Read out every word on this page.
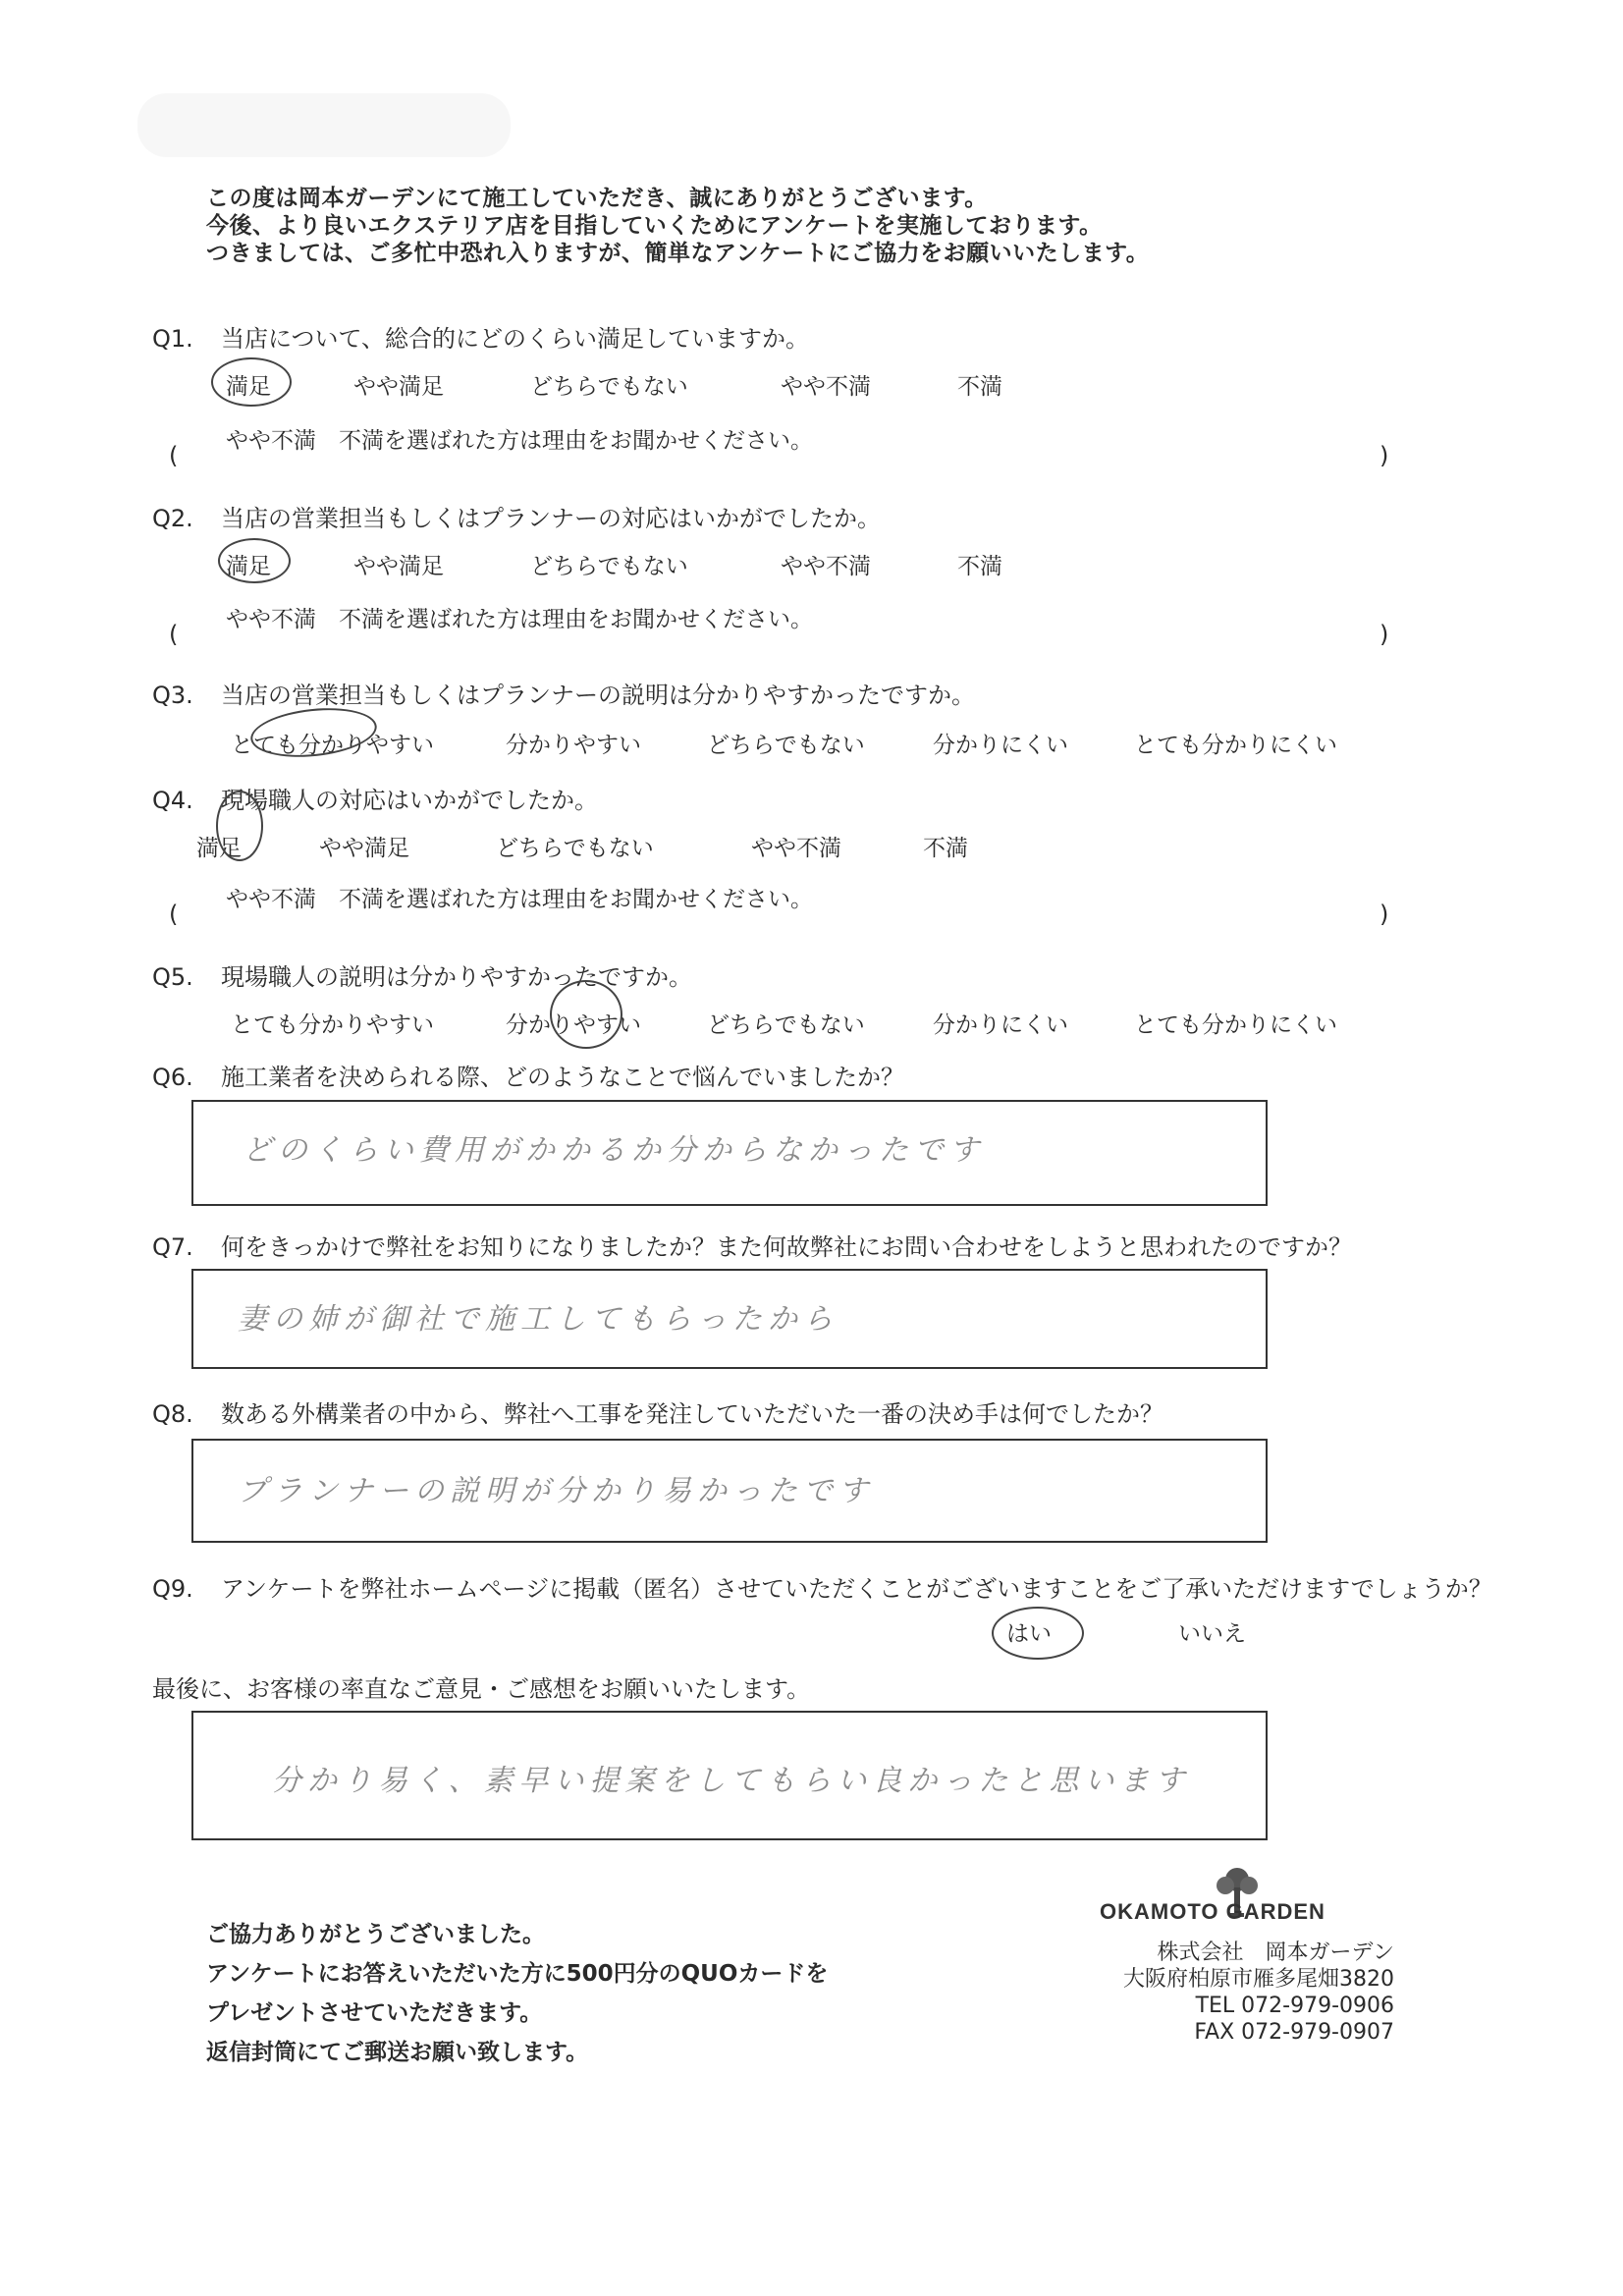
この度は岡本ガーデンにて施工していただき、誠にありがとうございます。
今後、より良いエクステリア店を目指していくためにアンケートを実施しております。
つきましては、ご多忙中恐れ入りますが、簡単なアンケートにご協力をお願いいたします。
Q1. 当店について、総合的にどのくらい満足していますか。
満足	やや満足	どちらでもない	やや不満	不満
やや不満　不満を選ばれた方は理由をお聞かせください。
(	)
Q2. 当店の営業担当もしくはプランナーの対応はいかがでしたか。
満足	やや満足	どちらでもない	やや不満	不満
やや不満　不満を選ばれた方は理由をお聞かせください。
(	)
Q3. 当店の営業担当もしくはプランナーの説明は分かりやすかったですか。
とても分かりやすい	分かりやすい	どちらでもない	分かりにくい	とても分かりにくい
Q4. 現場職人の対応はいかがでしたか。
満足	やや満足	どちらでもない	やや不満	不満
やや不満　不満を選ばれた方は理由をお聞かせください。
(	)
Q5. 現場職人の説明は分かりやすかったですか。
とても分かりやすい	分かりやすい	どちらでもない	分かりにくい	とても分かりにくい
Q6. 施工業者を決められる際、どのようなことで悩んでいましたか？
どのくらい費用がかかるか分からなかったです
Q7. 何をきっかけで弊社をお知りになりましたか？また何故弊社にお問い合わせをしようと思われたのですか？
妻の姉が御社で施工してもらったから
Q8. 数ある外構業者の中から、弊社へ工事を発注していただいた一番の決め手は何でしたか？
プランナーの説明が分かり易かったです
Q9. アンケートを弊社ホームページに掲載（匿名）させていただくことがございますことをご了承いただけますでしょうか？
はい	いいえ
最後に、お客様の率直なご意見・ご感想をお願いいたします。
分かり易く、素早い提案をしてもらい良かったと思います
ご協力ありがとうございました。
アンケートにお答えいただいた方に500円分のQUOカードを
プレゼントさせていただきます。
返信封筒にてご郵送お願い致します。
OKAMOTO GARDEN
株式会社　岡本ガーデン
大阪府柏原市雁多尾畑3820
TEL 072-979-0906
FAX 072-979-0907
